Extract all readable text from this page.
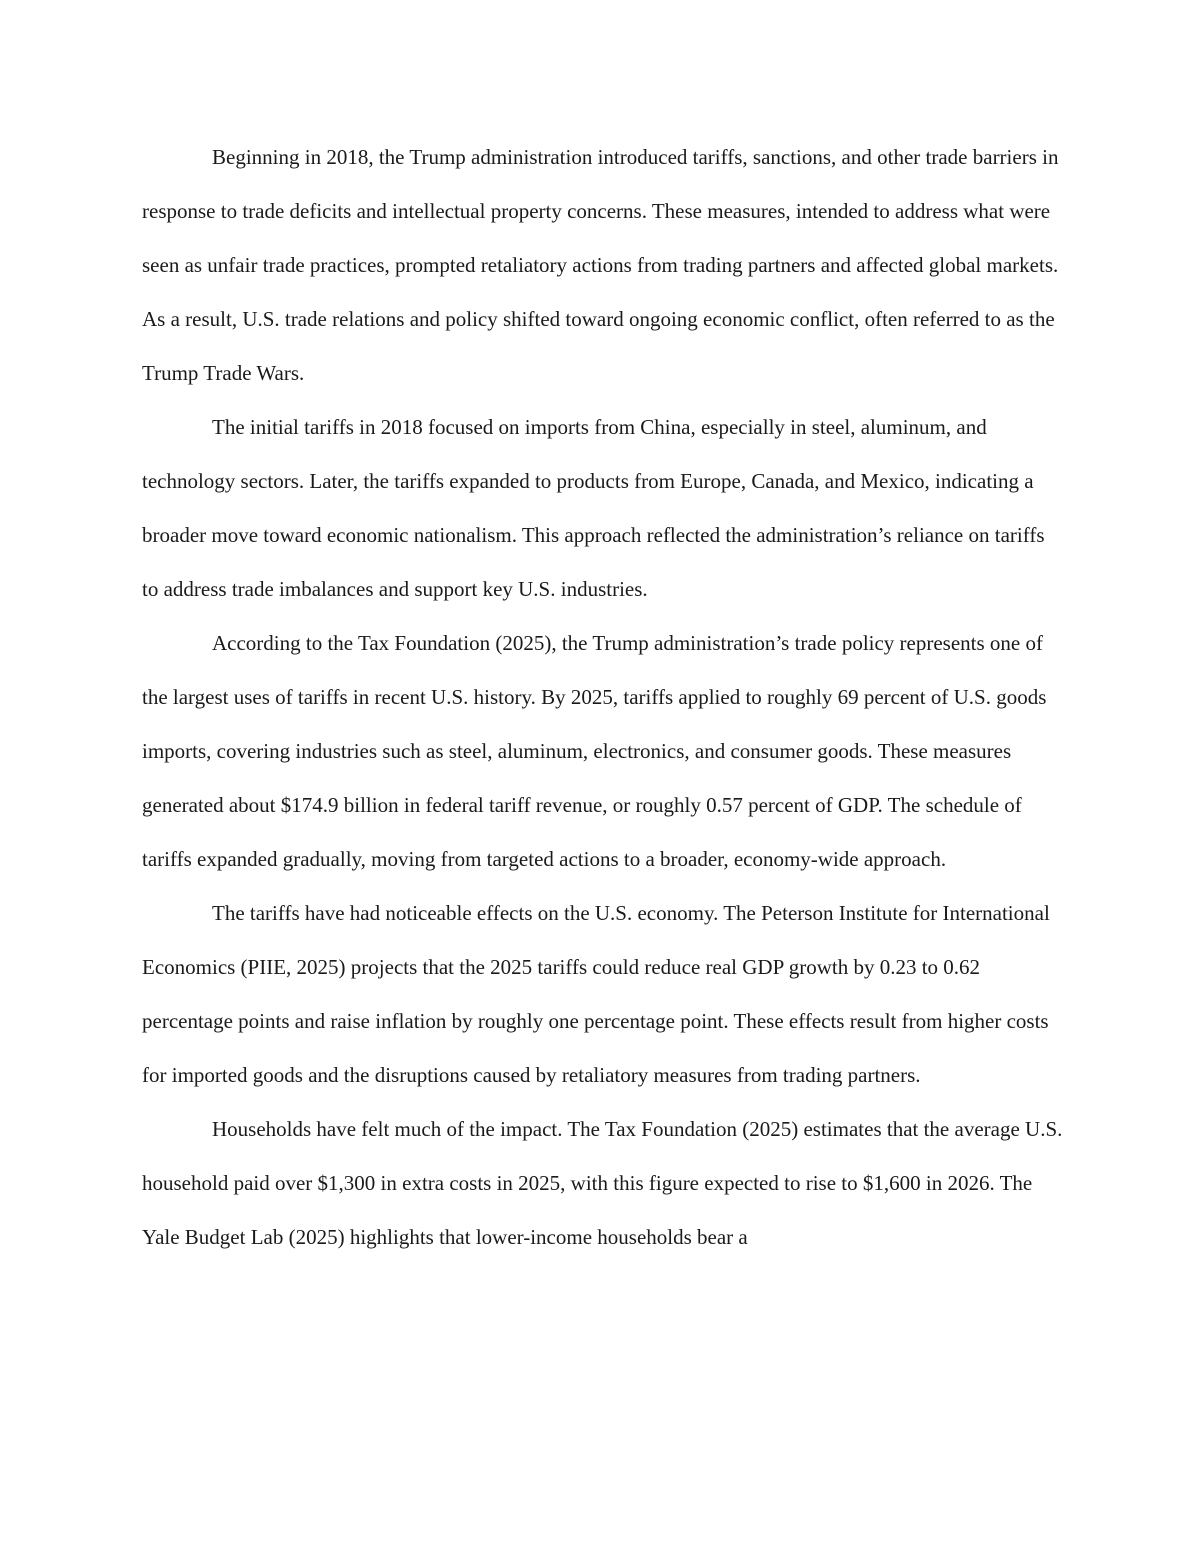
Beginning in 2018, the Trump administration introduced tariffs, sanctions, and other trade barriers in response to trade deficits and intellectual property concerns. These measures, intended to address what were seen as unfair trade practices, prompted retaliatory actions from trading partners and affected global markets. As a result, U.S. trade relations and policy shifted toward ongoing economic conflict, often referred to as the Trump Trade Wars.

The initial tariffs in 2018 focused on imports from China, especially in steel, aluminum, and technology sectors. Later, the tariffs expanded to products from Europe, Canada, and Mexico, indicating a broader move toward economic nationalism. This approach reflected the administration’s reliance on tariffs to address trade imbalances and support key U.S. industries.

According to the Tax Foundation (2025), the Trump administration’s trade policy represents one of the largest uses of tariffs in recent U.S. history. By 2025, tariffs applied to roughly 69 percent of U.S. goods imports, covering industries such as steel, aluminum, electronics, and consumer goods. These measures generated about $174.9 billion in federal tariff revenue, or roughly 0.57 percent of GDP. The schedule of tariffs expanded gradually, moving from targeted actions to a broader, economy-wide approach.

The tariffs have had noticeable effects on the U.S. economy. The Peterson Institute for International Economics (PIIE, 2025) projects that the 2025 tariffs could reduce real GDP growth by 0.23 to 0.62 percentage points and raise inflation by roughly one percentage point. These effects result from higher costs for imported goods and the disruptions caused by retaliatory measures from trading partners.

Households have felt much of the impact. The Tax Foundation (2025) estimates that the average U.S. household paid over $1,300 in extra costs in 2025, with this figure expected to rise to $1,600 in 2026. The Yale Budget Lab (2025) highlights that lower-income households bear a
